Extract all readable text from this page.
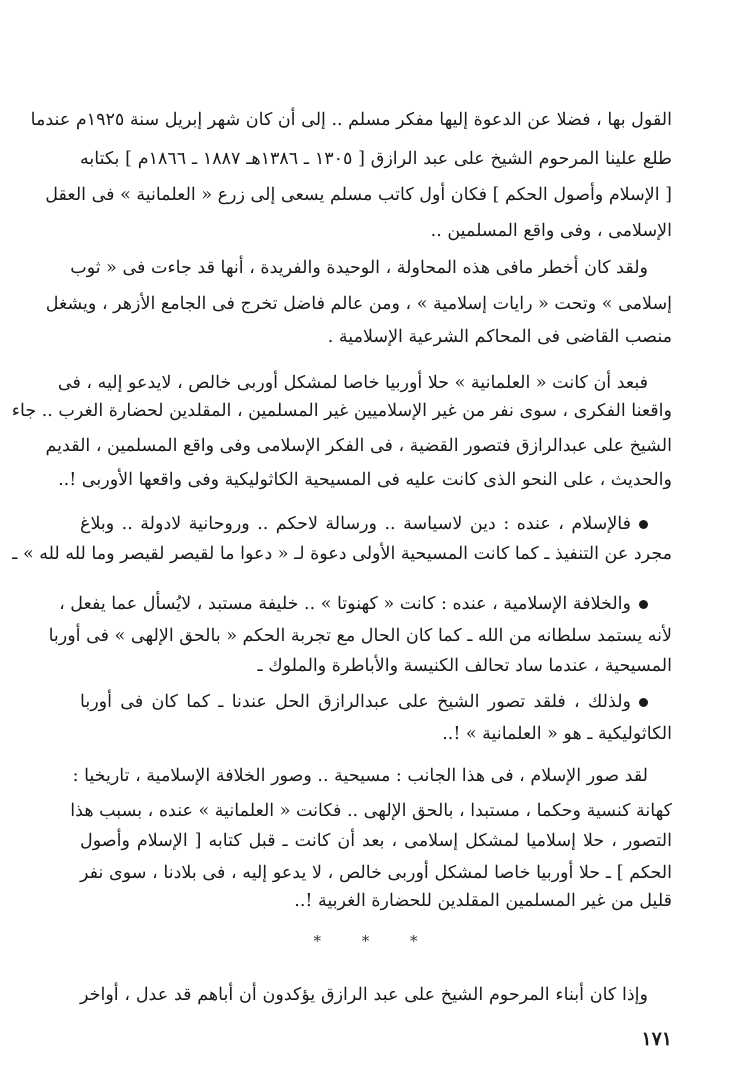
القول بها ، فضلا عن الدعوة إليها مفكر مسلم .. إلى أن كان شهر إبريل سنة ١٩٢٥م عندما
طلع علينا المرحوم الشيخ على عبد الرازق [ ١٣٠٥ ـ ١٣٨٦هـ ١٨٨٧ ـ ١٨٦٦م ] بكتابه
[ الإسلام وأصول الحكم ] فكان أول كاتب مسلم يسعى إلى زرع « العلمانية » فى العقل
الإسلامى ، وفى واقع المسلمين ..
ولقد كان أخطر مافى هذه المحاولة ، الوحيدة والفريدة ، أنها قد جاءت فى « ثوب
إسلامى » وتحت « رايات إسلامية » ، ومن عالم فاضل تخرج فى الجامع الأزهر ، ويشغل
منصب القاضى فى المحاكم الشرعية الإسلامية .
فبعد أن كانت « العلمانية » حلا أوربيا خاصا لمشكل أوربى خالص ، لايدعو إليه ، فى
واقعنا الفكرى ، سوى نفر من غير الإسلاميين غير المسلمين ، المقلدين لحضارة الغرب .. جاء
الشيخ على عبدالرازق فتصور القضية ، فى الفكر الإسلامى وفى واقع المسلمين ، القديم
والحديث ، على النحو الذى كانت عليه فى المسيحية الكاثوليكية وفى واقعها الأوربى !..
فالإسلام ، عنده : دين لاسياسة .. ورسالة لاحكم .. وروحانية لادولة .. وبلاغ
مجرد عن التنفيذ ـ كما كانت المسيحية الأولى دعوة لـ « دعوا ما لقيصر لقيصر وما لله لله » ـ
والخلافة الإسلامية ، عنده : كانت « كهنوتا » .. خليفة مستبد ، لايُسأل عما يفعل ،
لأنه يستمد سلطانه من الله ـ كما كان الحال مع تجربة الحكم « بالحق الإلهى » فى أوربا
المسيحية ، عندما ساد تحالف الكنيسة والأباطرة والملوك ـ
ولذلك ، فلقد تصور الشيخ على عبدالرازق الحل عندنا ـ كما كان فى أوربا
الكاثوليكية ـ هو « العلمانية » !..
لقد صور الإسلام ، فى هذا الجانب : مسيحية .. وصور الخلافة الإسلامية ، تاريخيا :
كهانة كنسية وحكما ، مستبدا ، بالحق الإلهى .. فكانت « العلمانية » عنده ، بسبب هذا
التصور ، حلا إسلاميا لمشكل إسلامى ، بعد أن كانت ـ قبل كتابه [ الإسلام وأصول
الحكم ] ـ حلا أوربيا خاصا لمشكل أوربى خالص ، لا يدعو إليه ، فى بلادنا ، سوى نفر
قليل من غير المسلمين المقلدين للحضارة الغربية !..
* * *
وإذا كان أبناء المرحوم الشيخ على عبد الرازق يؤكدون أن أباهم قد عدل ، أواخر
١٧١
